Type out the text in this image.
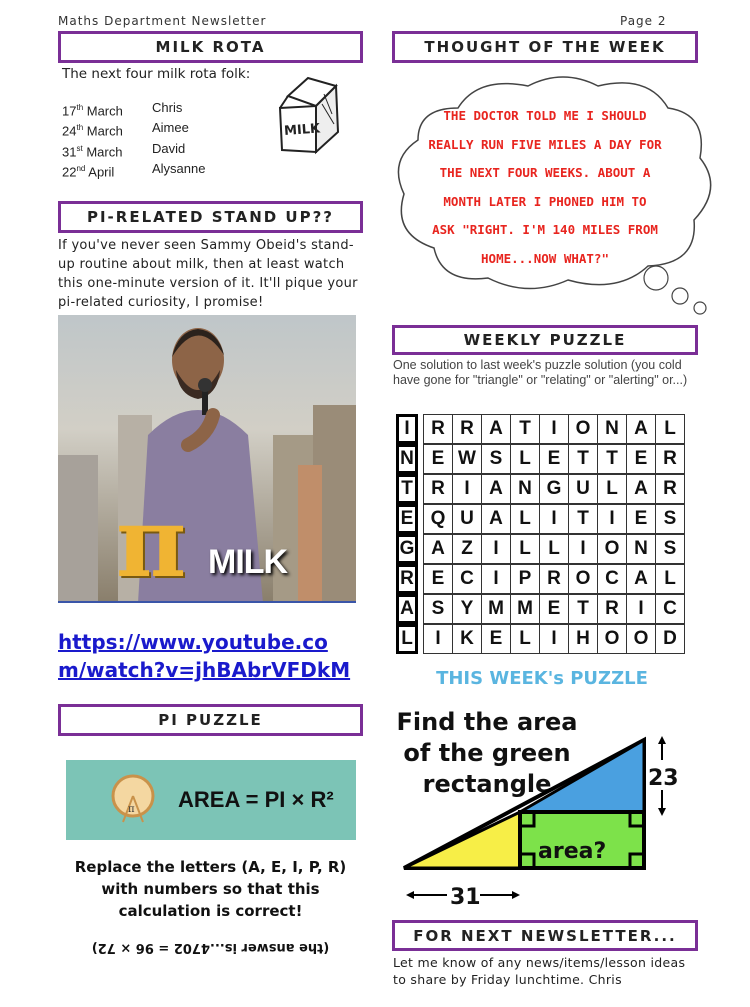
Maths Department Newsletter	Page 2
MILK ROTA
The next four milk rota folk:
17th March	Chris
24th March	Aimee
31st March	David
22nd April	Alysanne
MILK
PI-RELATED STAND UP??
If you've never seen Sammy Obeid's stand-up routine about milk, then at least watch this one-minute version of it. It'll pique your pi-related curiosity, I promise!
π MILK
https://www.youtube.co
m/watch?v=jhBAbrVFDkM
PI PUZZLE
π AREA = PI × R²
Replace the letters (A, E, I, P, R) with numbers so that this calculation is correct!
(the answer is...4702 = 96 × 72)
THOUGHT OF THE WEEK
THE DOCTOR TOLD ME I SHOULD
REALLY RUN FIVE MILES A DAY FOR
THE NEXT FOUR WEEKS. ABOUT A
MONTH LATER I PHONED HIM TO
ASK "RIGHT. I'M 140 MILES FROM
HOME...NOW WHAT?"
WEEKLY PUZZLE
One solution to last week's puzzle solution (you cold have gone for "triangle" or "relating" or "alerting" or...)
I	R R A T	I O N A L
N E W S L E T T E R
T R	I	A N G U L A R
E Q U A L	I	T	I	E S
G A Z	I	L L	I O N S
R E C	I	P R O C A L
A S Y M M E T R	I	C
L	I	K E L	I	H O O D
THIS WEEK's PUZZLE
Find the area of the green rectangle
area?
23
31
FOR NEXT NEWSLETTER...
Let me know of any news/items/lesson ideas to share by Friday lunchtime. Chris
